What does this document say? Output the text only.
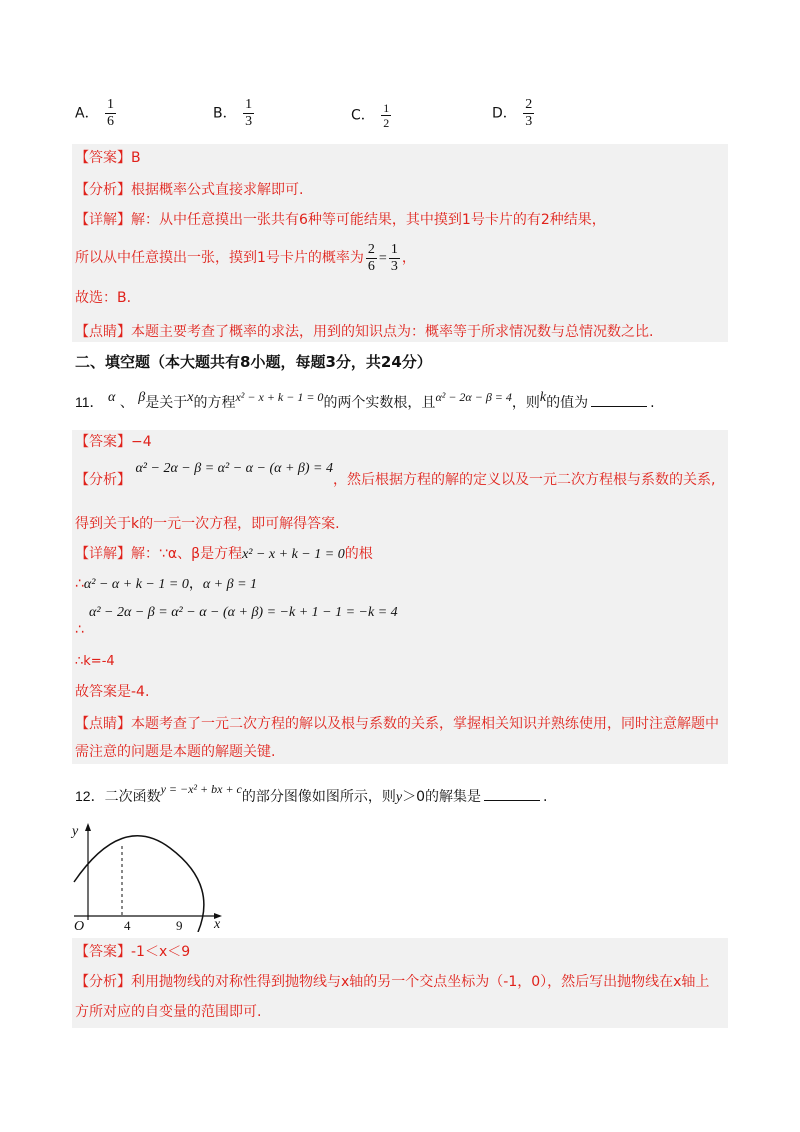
A． $\frac{1}{6}$	B． $\frac{1}{3}$	C． $\frac{1}{2}$	D． $\frac{2}{3}$
【答案】B
【分析】根据概率公式直接求解即可.
【详解】解：从中任意摸出一张共有6种等可能结果，其中摸到1号卡片的有2种结果，
所以从中任意摸出一张，摸到1号卡片的概率为 $\frac{2}{6} = \frac{1}{3}$ ，
故选：B.
【点睛】本题主要考查了概率的求法，用到的知识点为：概率等于所求情况数与总情况数之比.
二、填空题（本大题共有8小题，每题3分，共24分）
11． α 、 β是关于x的方程x² − x + k − 1 = 0的两个实数根，且α² − 2α − β = 4，则k的值为	.
【答案】−4
【分析】 α² − 2α − β = α² − α − (α + β) = 4，然后根据方程的解的定义以及一元二次方程根与系数的关系,
得到关于k的一元一次方程，即可解得答案.
【详解】解：∵α、β是方程x² − x + k − 1 = 0的根
∴α² − α + k − 1 = 0，α + β = 1
α² − 2α − β = α² − α − (α + β) = −k + 1 − 1 = −k = 4
∴
∴k=-4
故答案是-4.
【点睛】本题考查了一元二次方程的解以及根与系数的关系，掌握相关知识并熟练使用，同时注意解题中
需注意的问题是本题的解题关键.
12．二次函数y = −x² + bx + c的部分图像如图所示，则y＞0的解集是	.
y
x
O	4	9
【答案】-1＜x＜9
【分析】利用抛物线的对称性得到抛物线与x轴的另一个交点坐标为（-1，0），然后写出抛物线在x轴上
方所对应的自变量的范围即可.
